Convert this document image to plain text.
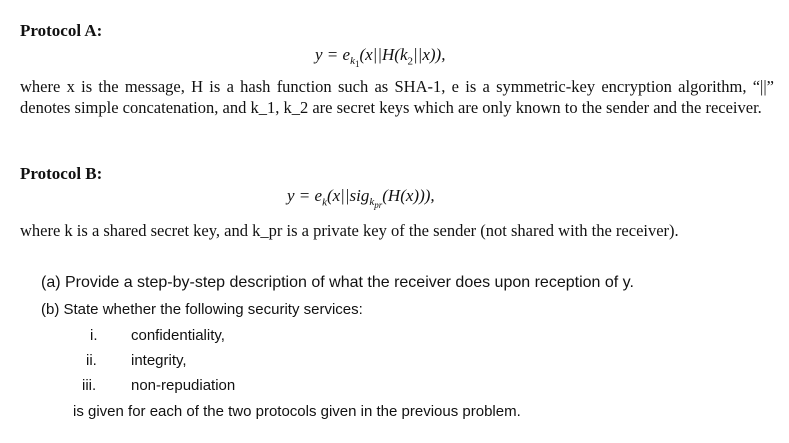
Protocol A:
$y = e_{k_1}(x||H(k_2||x))$,
where x is the message, H is a hash function such as SHA-1, e is a symmetric-key encryption algorithm, “||” denotes simple concatenation, and k_1, k_2 are secret keys which are only known to the sender and the receiver.
Protocol B:
$y = e_k(x||sig_{k_{pr}}(H(x)))$,
where k is a shared secret key, and k_pr is a private key of the sender (not shared with the receiver).
(a) Provide a step-by-step description of what the receiver does upon reception of y.
(b) State whether the following security services:
i. confidentiality,
ii. integrity,
iii. non-repudiation
is given for each of the two protocols given in the previous problem.
